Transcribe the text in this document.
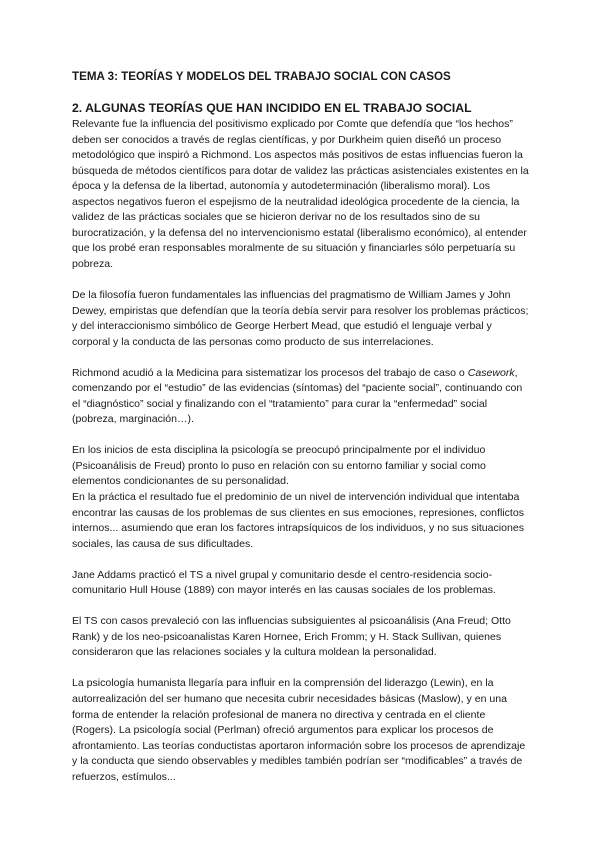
TEMA 3: TEORÍAS Y MODELOS DEL TRABAJO SOCIAL CON CASOS
2. ALGUNAS TEORÍAS QUE HAN INCIDIDO EN EL TRABAJO SOCIAL

Relevante fue la influencia del positivismo explicado por Comte que defendía que “los hechos” deben ser conocidos a través de reglas científicas, y por Durkheim quien diseñó un proceso metodológico que inspiró a Richmond. Los aspectos más positivos de estas influencias fueron la búsqueda de métodos científicos para dotar de validez las prácticas asistenciales existentes en la época y la defensa de la libertad, autonomía y autodeterminación (liberalismo moral). Los aspectos negativos fueron el espejismo de la neutralidad ideológica procedente de la ciencia, la validez de las prácticas sociales que se hicieron derivar no de los resultados sino de su burocratización, y la defensa del no intervencionismo estatal (liberalismo económico), al entender que los probé eran responsables moralmente de su situación y financiarles sólo perpetuaría su pobreza.

De la filosofía fueron fundamentales las influencias del pragmatismo de William James y John Dewey, empiristas que defendían que la teoría debía servir para resolver los problemas prácticos; y del interaccionismo simbólico de George Herbert Mead, que estudió el lenguaje verbal y corporal y la conducta de las personas como producto de sus interrelaciones.

Richmond acudió a la Medicina para sistematizar los procesos del trabajo de caso o Casework, comenzando por el “estudio” de las evidencias (síntomas) del “paciente social”, continuando con el “diagnóstico” social y finalizando con el “tratamiento” para curar la “enfermedad” social (pobreza, marginación…).

En los inicios de esta disciplina la psicología se preocupó principalmente por el individuo (Psicoanálisis de Freud) pronto lo puso en relación con su entorno familiar y social como elementos condicionantes de su personalidad.

En la práctica el resultado fue el predominio de un nivel de intervención individual que intentaba encontrar las causas de los problemas de sus clientes en sus emociones, represiones, conflictos internos... asumiendo que eran los factores intrapsíquicos de los individuos, y no sus situaciones sociales, las causa de sus dificultades.

Jane Addams practicó el TS a nivel grupal y comunitario desde el centro-residencia socio-comunitario Hull House (1889) con mayor interés en las causas sociales de los problemas.

El TS con casos prevaleció con las influencias subsiguientes al psicoanálisis (Ana Freud; Otto Rank) y de los neo-psicoanalistas Karen Hornee, Erich Fromm; y H. Stack Sullivan, quienes consideraron que las relaciones sociales y la cultura moldean la personalidad.

La psicología humanista llegaría para influir en la comprensión del liderazgo (Lewin), en la autorrealización del ser humano que necesita cubrir necesidades básicas (Maslow), y en una forma de entender la relación profesional de manera no directiva y centrada en el cliente (Rogers). La psicología social (Perlman) ofreció argumentos para explicar los procesos de afrontamiento. Las teorías conductistas aportaron información sobre los procesos de aprendizaje y la conducta que siendo observables y medibles también podrían ser “modificables” a través de refuerzos, estímulos...
